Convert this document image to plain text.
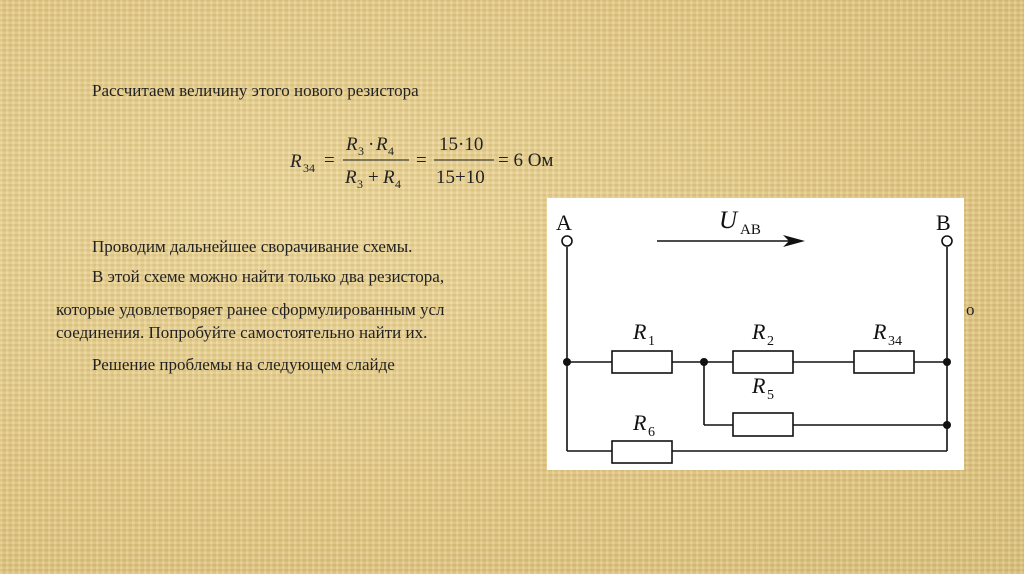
Рассчитаем величину этого нового резистора
R 34 =
R 3 · R 4
R 3 + R 4
=
15·10
15+10
= 6 Ом
Проводим дальнейшее сворачивание схемы.
В этой схеме можно найти только два резистора,
которые удовлетворяет ранее сформулированным усл	о
соединения. Попробуйте самостоятельно найти их.
Решение проблемы на следующем слайде
A	B
U AB
R 1	R 2	R 34
R 5
R 6
